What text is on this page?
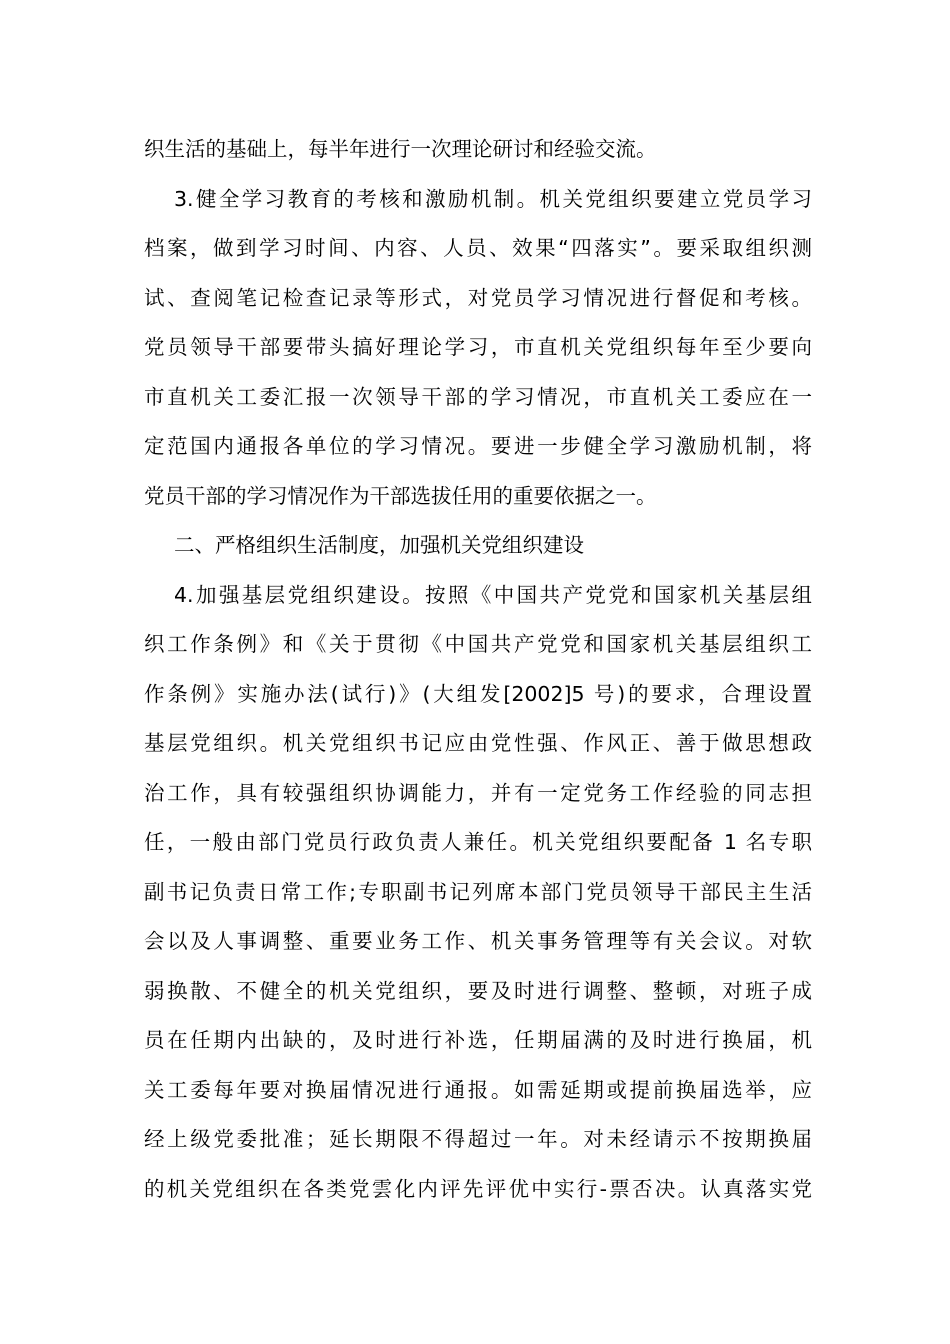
织生活的基础上，每半年进行一次理论研讨和经验交流。
3.健全学习教育的考核和激励机制。机关党组织要建立党员学习
档案，做到学习时间、内容、人员、效果“四落实”。要采取组织测
试、查阅笔记检查记录等形式，对党员学习情况进行督促和考核。
党员领导干部要带头搞好理论学习，市直机关党组织每年至少要向
市直机关工委汇报一次领导干部的学习情况，市直机关工委应在一
定范国内通报各单位的学习情况。要进一步健全学习激励机制，将
党员干部的学习情况作为干部选拔任用的重要依据之一。
二、严格组织生活制度，加强机关党组织建设
4.加强基层党组织建设。按照《中国共产党党和国家机关基层组
织工作条例》和《关于贯彻《中国共产党党和国家机关基层组织工
作条例》实施办法(试行)》(大组发[2002]5 号)的要求，合理设置
基层党组织。机关党组织书记应由党性强、作风正、善于做思想政
治工作，具有较强组织协调能力，并有一定党务工作经验的同志担
任，一般由部门党员行政负责人兼任。机关党组织要配备 1 名专职
副书记负责日常工作;专职副书记列席本部门党员领导干部民主生活
会以及人事调整、重要业务工作、机关事务管理等有关会议。对软
弱换散、不健全的机关党组织，要及时进行调整、整顿，对班子成
员在任期内出缺的，及时进行补选，任期届满的及时进行换届，机
关工委每年要对换届情况进行通报。如需延期或提前换届选举，应
经上级党委批准；延长期限不得超过一年。对未经请示不按期换届
的机关党组织在各类党雲化内评先评优中实行-票否决。认真落实党
